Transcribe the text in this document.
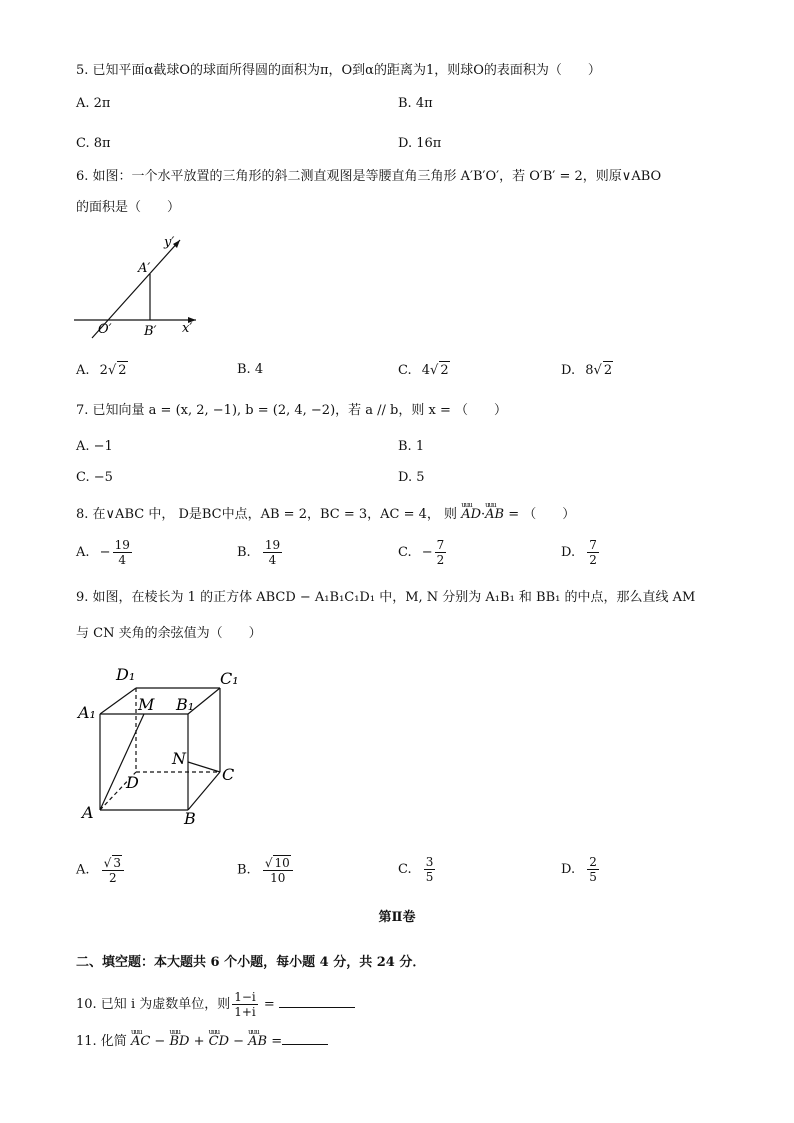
5. 已知平面α截球O的球面所得圆的面积为π，O到α的距离为1，则球O的表面积为（　　）
A. 2π	B. 4π
C. 8π	D. 16π
6. 如图：一个水平放置的三角形的斜二测直观图是等腰直角三角形 A′B′O′，若 O′B′ = 2，则原∨ABO
的面积是（　　）
y′
A′
O′ B′ x′
A. 2√ 2	B. 4	C. 4√ 2	D. 8√ 2
7. 已知向量 a = (x, 2, −1), b = (2, 4, −2)，若 a // b，则 x = （　　）
A. −1	B. 1
C. −5	D. 5
8. 在∨ABC 中， D是BC中点，AB = 2，BC = 3，AC = 4， 则 uuu AD·uuu AB = （　　）
A. − $\frac{19}{4}$	B. $\frac{19}{4}$	C. − $\frac{7}{2}$	D. $\frac{7}{2}$
9. 如图，在棱长为 1 的正方体 ABCD − A₁B₁C₁D₁ 中，M, N 分别为 A₁B₁ 和 BB₁ 的中点，那么直线 AM
与 CN 夹角的余弦值为（　　）
D₁	C₁
A₁	M B₁
N
D	C
A	B
A. $\frac{√ 3}{2}$	B. $\frac{√ 10}{10}$	C. $\frac{3}{5}$	D. $\frac{2}{5}$
第Ⅱ卷
二、填空题：本大题共 6 个小题，每小题 4 分，共 24 分．
10. 已知 i 为虚数单位，则 $\frac{1-i}{1+i}$ =
11. 化简 uuu AC − uuu BD + uuu CD − uuu AB =
